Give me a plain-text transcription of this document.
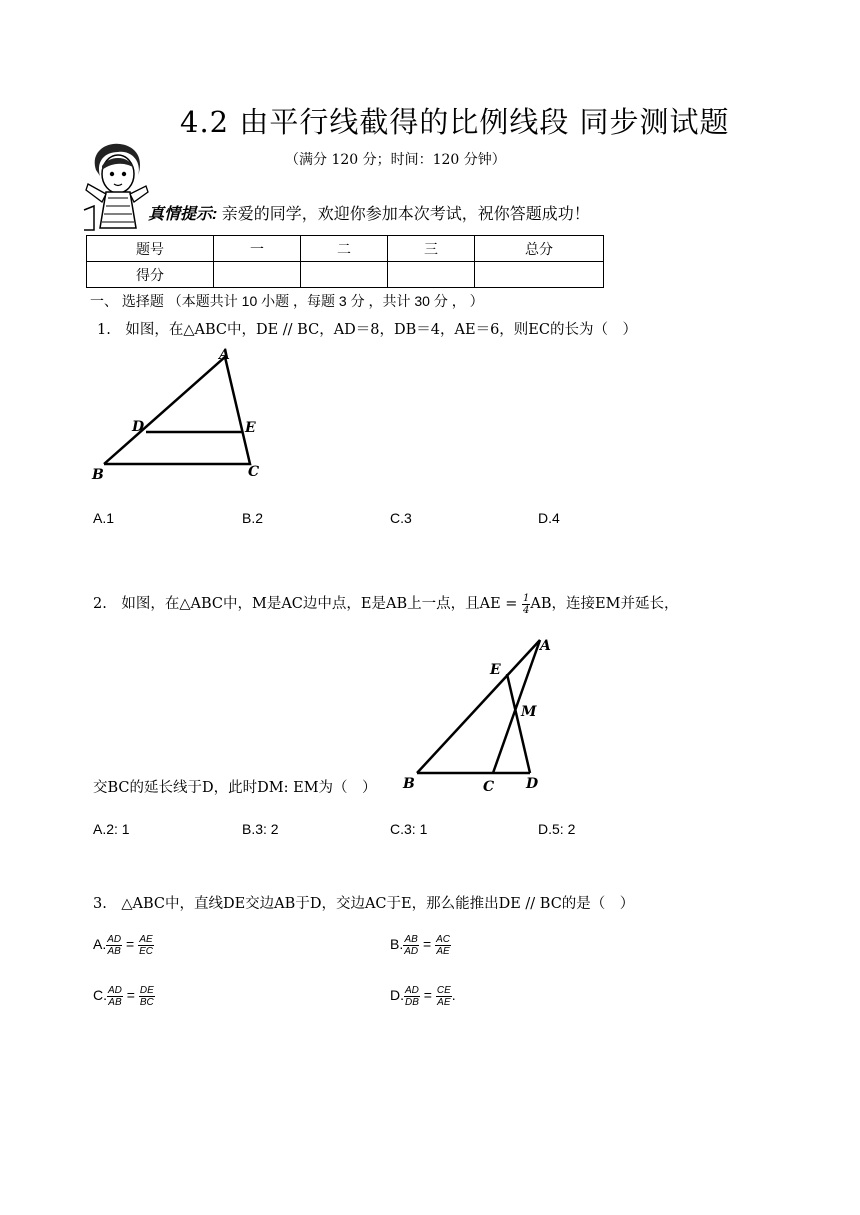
4.2 由平行线截得的比例线段 同步测试题
（满分 120 分；时间：120 分钟）
真情提示: 亲爱的同学，欢迎你参加本次考试，祝你答题成功！
题号	一	二	三	总分
得分				
一、 选择题 （本题共计 10 小题 ，每题 3 分 ，共计 30 分 ， ）
1.　如图，在△ABC中，DE // BC，AD＝8，DB＝4，AE＝6，则EC的长为（　）
A
D	E
B	C
A.1	B.2	C.3	D.4
2.　如图，在△ABC中，M是AC边中点，E是AB上一点，且AE = $\frac{1}{4}$ AB，连接EM并延长，
A
E
M
B	C D
交BC的延长线于D，此时DM: EM为（　）
A.2: 1	B.3: 2	C.3: 1	D.5: 2
3.　△ABC中，直线DE交边AB于D，交边AC于E，那么能推出DE // BC的是（　）
A. $\frac{AD}{AB} = \frac{AE}{EC}$	B. $\frac{AB}{AD} = \frac{AC}{AE}$
C. $\frac{AD}{AB} = \frac{DE}{BC}$	D. $\frac{AD}{DB} = \frac{CE}{AE}$ .
